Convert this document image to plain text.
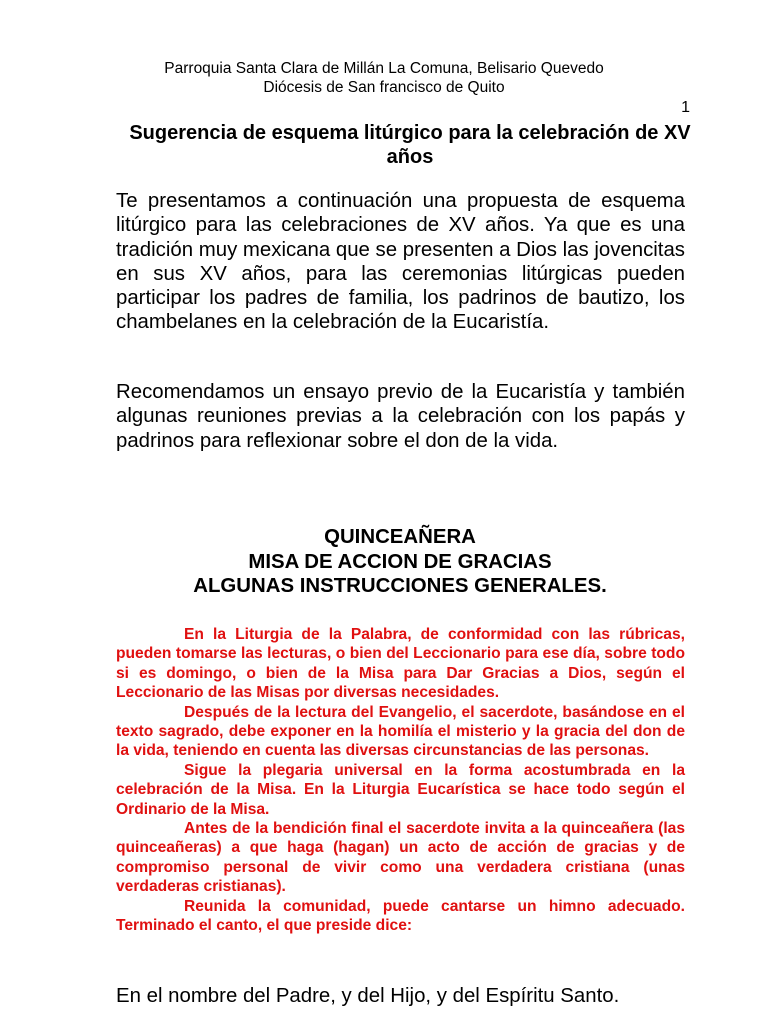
Parroquia Santa Clara de Millán La Comuna, Belisario Quevedo
Diócesis de San francisco de Quito
1
Sugerencia de esquema litúrgico para la celebración de XV años

Te presentamos a continuación una propuesta de esquema litúrgico para las celebraciones de XV años. Ya que es una tradición muy mexicana que se presenten a Dios las jovencitas en sus XV años, para las ceremonias litúrgicas pueden participar los padres de familia, los padrinos de bautizo, los chambelanes en la celebración de la Eucaristía.

Recomendamos un ensayo previo de la Eucaristía y también algunas reuniones previas a la celebración con los papás y padrinos para reflexionar sobre el don de la vida.

QUINCEAÑERA
MISA DE ACCION DE GRACIAS
ALGUNAS INSTRUCCIONES GENERALES.

En la Liturgia de la Palabra, de conformidad con las rúbricas, pueden tomarse las lecturas, o bien del Leccionario para ese día, sobre todo si es domingo, o bien de la Misa para Dar Gracias a Dios, según el Leccionario de las Misas por diversas necesidades.

Después de la lectura del Evangelio, el sacerdote, basándose en el texto sagrado, debe exponer en la homilía el misterio y la gracia del don de la vida, teniendo en cuenta las diversas circunstancias de las personas.

Sigue la plegaria universal en la forma acostumbrada en la celebración de la Misa. En la Liturgia Eucarística se hace todo según el Ordinario de la Misa.

Antes de la bendición final el sacerdote invita a la quinceañera (las quinceañeras) a que haga (hagan) un acto de acción de gracias y de compromiso personal de vivir como una verdadera cristiana (unas verdaderas cristianas).

Reunida la comunidad, puede cantarse un himno adecuado. Terminado el canto, el que preside dice:

En el nombre del Padre, y del Hijo, y del Espíritu Santo.
